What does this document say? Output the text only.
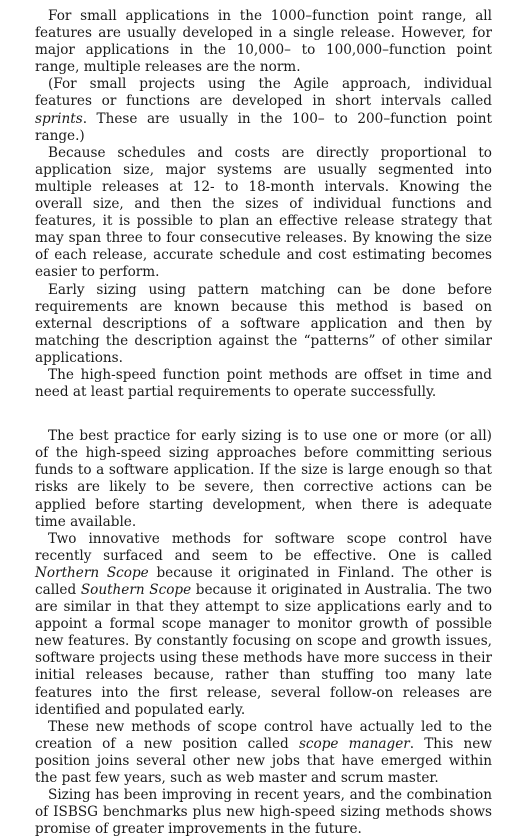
For small applications in the 1000–function point range, all features are usually developed in a single release. However, for major applications in the 10,000– to 100,000–function point range, multiple releases are the norm.

(For small projects using the Agile approach, individual features or functions are developed in short intervals called sprints. These are usually in the 100– to 200–function point range.)

Because schedules and costs are directly proportional to application size, major systems are usually segmented into multiple releases at 12- to 18-month intervals. Knowing the overall size, and then the sizes of individual functions and features, it is possible to plan an effective release strategy that may span three to four consecutive releases. By knowing the size of each release, accurate schedule and cost estimating becomes easier to perform.

Early sizing using pattern matching can be done before requirements are known because this method is based on external descriptions of a software application and then by matching the description against the “patterns” of other similar applications.

The high-speed function point methods are offset in time and need at least partial requirements to operate successfully.

The best practice for early sizing is to use one or more (or all) of the high-speed sizing approaches before committing serious funds to a software application. If the size is large enough so that risks are likely to be severe, then corrective actions can be applied before starting development, when there is adequate time available.

Two innovative methods for software scope control have recently surfaced and seem to be effective. One is called Northern Scope because it originated in Finland. The other is called Southern Scope because it originated in Australia. The two are similar in that they attempt to size applications early and to appoint a formal scope manager to monitor growth of possible new features. By constantly focusing on scope and growth issues, software projects using these methods have more success in their initial releases because, rather than stuffing too many late features into the first release, several follow-on releases are identified and populated early.

These new methods of scope control have actually led to the creation of a new position called scope manager. This new position joins several other new jobs that have emerged within the past few years, such as web master and scrum master.

Sizing has been improving in recent years, and the combination of ISBSG benchmarks plus new high-speed sizing methods shows promise of greater improvements in the future.
